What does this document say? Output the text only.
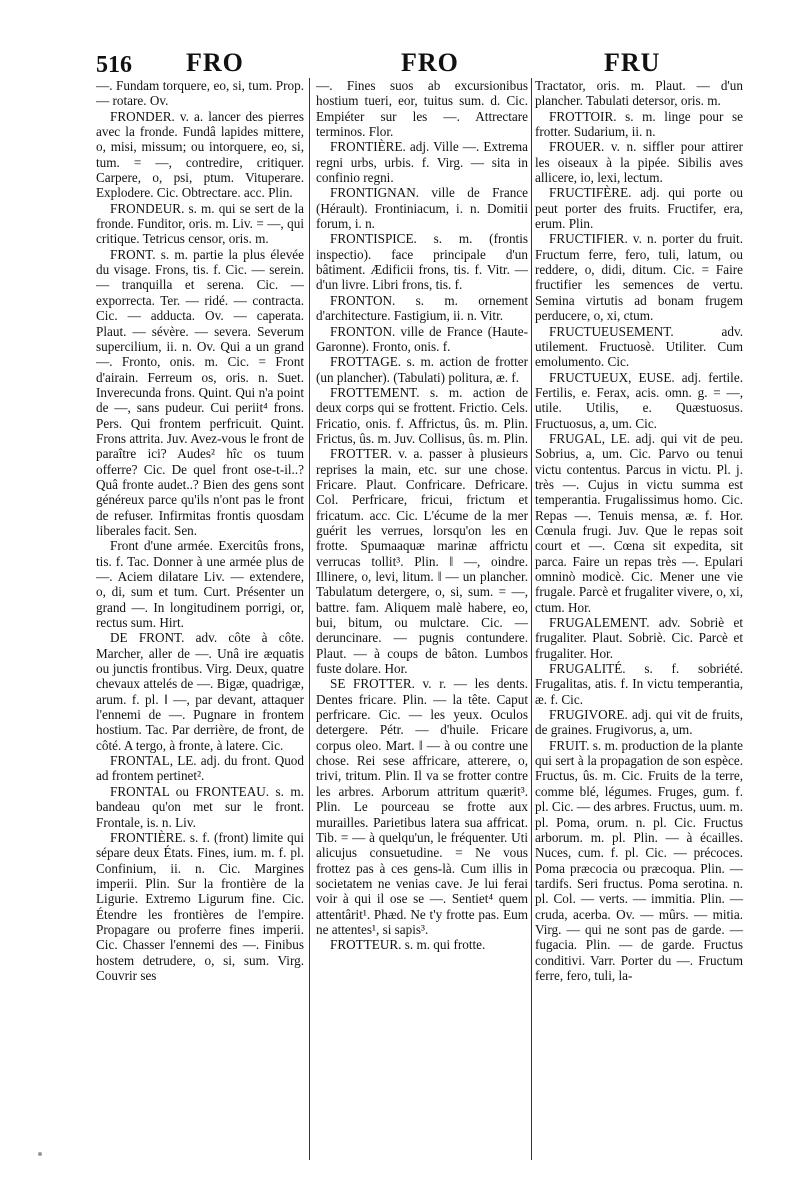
516 FRO	FRO	FRU

—. Fundam torquere, eo, si, tum. Prop. — rotare. Ov.

FRONDER. v. a. lancer des pierres avec la fronde. Fundâ lapides mittere, o, misi, missum; ou intorquere, eo, si, tum. = —, contredire, critiquer. Carpere, o, psi, ptum. Vituperare. Explodere. Cic. Obtrectare. acc. Plin.

FRONDEUR. s. m. qui se sert de la fronde. Funditor, oris. m. Liv. = —, qui critique. Tetricus censor, oris. m.

FRONT. s. m. partie la plus élevée du visage. Frons, tis. f. Cic. — serein. — tranquilla et serena. Cic. — exporrecta. Ter. — ridé. — contracta. Cic. — adducta. Ov. — caperata. Plaut. — sévère. — severa. Severum supercilium, ii. n. Ov. Qui a un grand —. Fronto, onis. m. Cic. = Front d'airain. Ferreum os, oris. n. Suet. Inverecunda frons. Quint. Qui n'a point de —, sans pudeur. Cui periit⁴ frons. Pers. Qui frontem perfricuit. Quint. Frons attrita. Juv. Avez-vous le front de paraître ici? Audes² hîc os tuum offerre? Cic. De quel front ose-t-il..? Quâ fronte audet..? Bien des gens sont généreux parce qu'ils n'ont pas le front de refuser. Infirmitas frontis quosdam liberales facit. Sen.

Front d'une armée. Exercitûs frons, tis. f. Tac. Donner à une armée plus de —. Aciem dilatare Liv. — extendere, o, di, sum et tum. Curt. Présenter un grand —. In longitudinem porrigi, or, rectus sum. Hirt.

DE FRONT. adv. côte à côte. Marcher, aller de —. Unâ ire æquatis ou junctis frontibus. Virg. Deux, quatre chevaux attelés de —. Bigæ, quadrigæ, arum. f. pl. ‖ —, par devant, attaquer l'ennemi de —. Pugnare in frontem hostium. Tac. Par derrière, de front, de côté. A tergo, à fronte, à latere. Cic.

FRONTAL, LE. adj. du front. Quod ad frontem pertinet².

FRONTAL ou FRONTEAU. s. m. bandeau qu'on met sur le front. Frontale, is. n. Liv.

FRONTIÈRE. s. f. (front) limite qui sépare deux États. Fines, ium. m. f. pl. Confinium, ii. n. Cic. Margines imperii. Plin. Sur la frontière de la Ligurie. Extremo Ligurum fine. Cic. Étendre les frontières de l'empire. Propagare ou proferre fines imperii. Cic. Chasser l'ennemi des —. Finibus hostem detrudere, o, si, sum. Virg. Couvrir ses

—. Fines suos ab excursionibus hostium tueri, eor, tuitus sum. d. Cic. Empiéter sur les —. Attrectare terminos. Flor.

FRONTIÈRE. adj. Ville —. Extrema regni urbs, urbis. f. Virg. — sita in confinio regni.

FRONTIGNAN. ville de France (Hérault). Frontiniacum, i. n. Domitii forum, i. n.

FRONTISPICE. s. m. (frontis inspectio). face principale d'un bâtiment. Ædificii frons, tis. f. Vitr. — d'un livre. Libri frons, tis. f.

FRONTON. s. m. ornement d'architecture. Fastigium, ii. n. Vitr.

FRONTON. ville de France (Haute-Garonne). Fronto, onis. f.

FROTTAGE. s. m. action de frotter (un plancher). (Tabulati) politura, æ. f.

FROTTEMENT. s. m. action de deux corps qui se frottent. Frictio. Cels. Fricatio, onis. f. Affrictus, ûs. m. Plin. Frictus, ûs. m. Juv. Collisus, ûs. m. Plin.

FROTTER. v. a. passer à plusieurs reprises la main, etc. sur une chose. Fricare. Plaut. Confricare. Defricare. Col. Perfricare, fricui, frictum et fricatum. acc. Cic. L'écume de la mer guérit les verrues, lorsqu'on les en frotte. Spumaaquæ marinæ affrictu verrucas tollit³. Plin. ‖ —, oindre. Illinere, o, levi, litum. ‖ — un plancher. Tabulatum detergere, o, si, sum. = —, battre. fam. Aliquem malè habere, eo, bui, bitum, ou mulctare. Cic. — deruncinare. — pugnis contundere. Plaut. — à coups de bâton. Lumbos fuste dolare. Hor.

SE FROTTER. v. r. — les dents. Dentes fricare. Plin. — la tête. Caput perfricare. Cic. — les yeux. Oculos detergere. Pétr. — d'huile. Fricare corpus oleo. Mart. ‖ — à ou contre une chose. Rei sese affricare, atterere, o, trivi, tritum. Plin. Il va se frotter contre les arbres. Arborum attritum quærit³. Plin. Le pourceau se frotte aux murailles. Parietibus latera sua affricat. Tib. = — à quelqu'un, le fréquenter. Uti alicujus consuetudine. = Ne vous frottez pas à ces gens-là. Cum illis in societatem ne venias cave. Je lui ferai voir à qui il ose se —. Sentiet⁴ quem attentârit¹. Phæd. Ne t'y frotte pas. Eum ne attentes¹, si sapis³.

FROTTEUR. s. m. qui frotte.

Tractator, oris. m. Plaut. — d'un plancher. Tabulati detersor, oris. m.

FROTTOIR. s. m. linge pour se frotter. Sudarium, ii. n.

FROUER. v. n. siffler pour attirer les oiseaux à la pipée. Sibilis aves allicere, io, lexi, lectum.

FRUCTIFÈRE. adj. qui porte ou peut porter des fruits. Fructifer, era, erum. Plin.

FRUCTIFIER. v. n. porter du fruit. Fructum ferre, fero, tuli, latum, ou reddere, o, didi, ditum. Cic. = Faire fructifier les semences de vertu. Semina virtutis ad bonam frugem perducere, o, xi, ctum.

FRUCTUEUSEMENT. adv. utilement. Fructuosè. Utiliter. Cum emolumento. Cic.

FRUCTUEUX, EUSE. adj. fertile. Fertilis, e. Ferax, acis. omn. g. = —, utile. Utilis, e. Quæstuosus. Fructuosus, a, um. Cic.

FRUGAL, LE. adj. qui vit de peu. Sobrius, a, um. Cic. Parvo ou tenui victu contentus. Parcus in victu. Pl. j. très —. Cujus in victu summa est temperantia. Frugalissimus homo. Cic. Repas —. Tenuis mensa, æ. f. Hor. Cœnula frugi. Juv. Que le repas soit court et —. Cœna sit expedita, sit parca. Faire un repas très —. Epulari omninò modicè. Cic. Mener une vie frugale. Parcè et frugaliter vivere, o, xi, ctum. Hor.

FRUGALEMENT. adv. Sobriè et frugaliter. Plaut. Sobriè. Cic. Parcè et frugaliter. Hor.

FRUGALITÉ. s. f. sobriété. Frugalitas, atis. f. In victu temperantia, æ. f. Cic.

FRUGIVORE. adj. qui vit de fruits, de graines. Frugivorus, a, um.

FRUIT. s. m. production de la plante qui sert à la propagation de son espèce. Fructus, ûs. m. Cic. Fruits de la terre, comme blé, légumes. Fruges, gum. f. pl. Cic. — des arbres. Fructus, uum. m. pl. Poma, orum. n. pl. Cic. Fructus arborum. m. pl. Plin. — à écailles. Nuces, cum. f. pl. Cic. — précoces. Poma præcocia ou præcoqua. Plin. — tardifs. Seri fructus. Poma serotina. n. pl. Col. — verts. — immitia. Plin. — cruda, acerba. Ov. — mûrs. — mitia. Virg. — qui ne sont pas de garde. — fugacia. Plin. — de garde. Fructus conditivi. Varr. Porter du —. Fructum ferre, fero, tuli, la-
